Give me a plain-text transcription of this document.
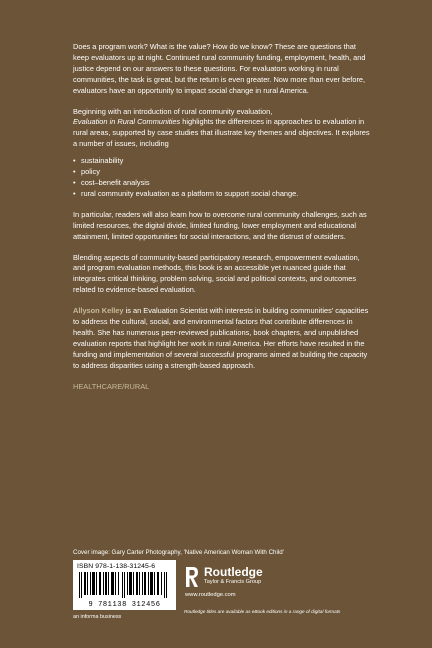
Does a program work? What is the value? How do we know? These are questions that keep evaluators up at night. Continued rural community funding, employment, health, and justice depend on our answers to these questions. For evaluators working in rural communities, the task is great, but the return is even greater. Now more than ever before, evaluators have an opportunity to impact social change in rural America.

Beginning with an introduction of rural community evaluation,
Evaluation in Rural Communities highlights the differences in approaches to evaluation in rural areas, supported by case studies that illustrate key themes and objectives. It explores a number of issues, including

• sustainability
• policy
• cost–benefit analysis
• rural community evaluation as a platform to support social change.

In particular, readers will also learn how to overcome rural community challenges, such as limited resources, the digital divide, limited funding, lower employment and educational attainment, limited opportunities for social interactions, and the distrust of outsiders.

Blending aspects of community-based participatory research, empowerment evaluation, and program evaluation methods, this book is an accessible yet nuanced guide that integrates critical thinking, problem solving, social and political contexts, and outcomes related to evidence-based evaluation.

Allyson Kelley is an Evaluation Scientist with interests in building communities' capacities to address the cultural, social, and environmental factors that contribute differences in health. She has numerous peer-reviewed publications, book chapters, and unpublished evaluation reports that highlight her work in rural America. Her efforts have resulted in the funding and implementation of several successful programs aimed at building the capacity to address disparities using a strength-based approach.

HEALTHCARE/RURAL
Cover image: Gary Carter Photography, 'Native American Woman With Child'
ISBN 978-1-138-31245-6
9 781138 312456
an informa business
Routledge
Taylor & Francis Group
www.routledge.com
Routledge titles are available as eBook editions in a range of digital formats
